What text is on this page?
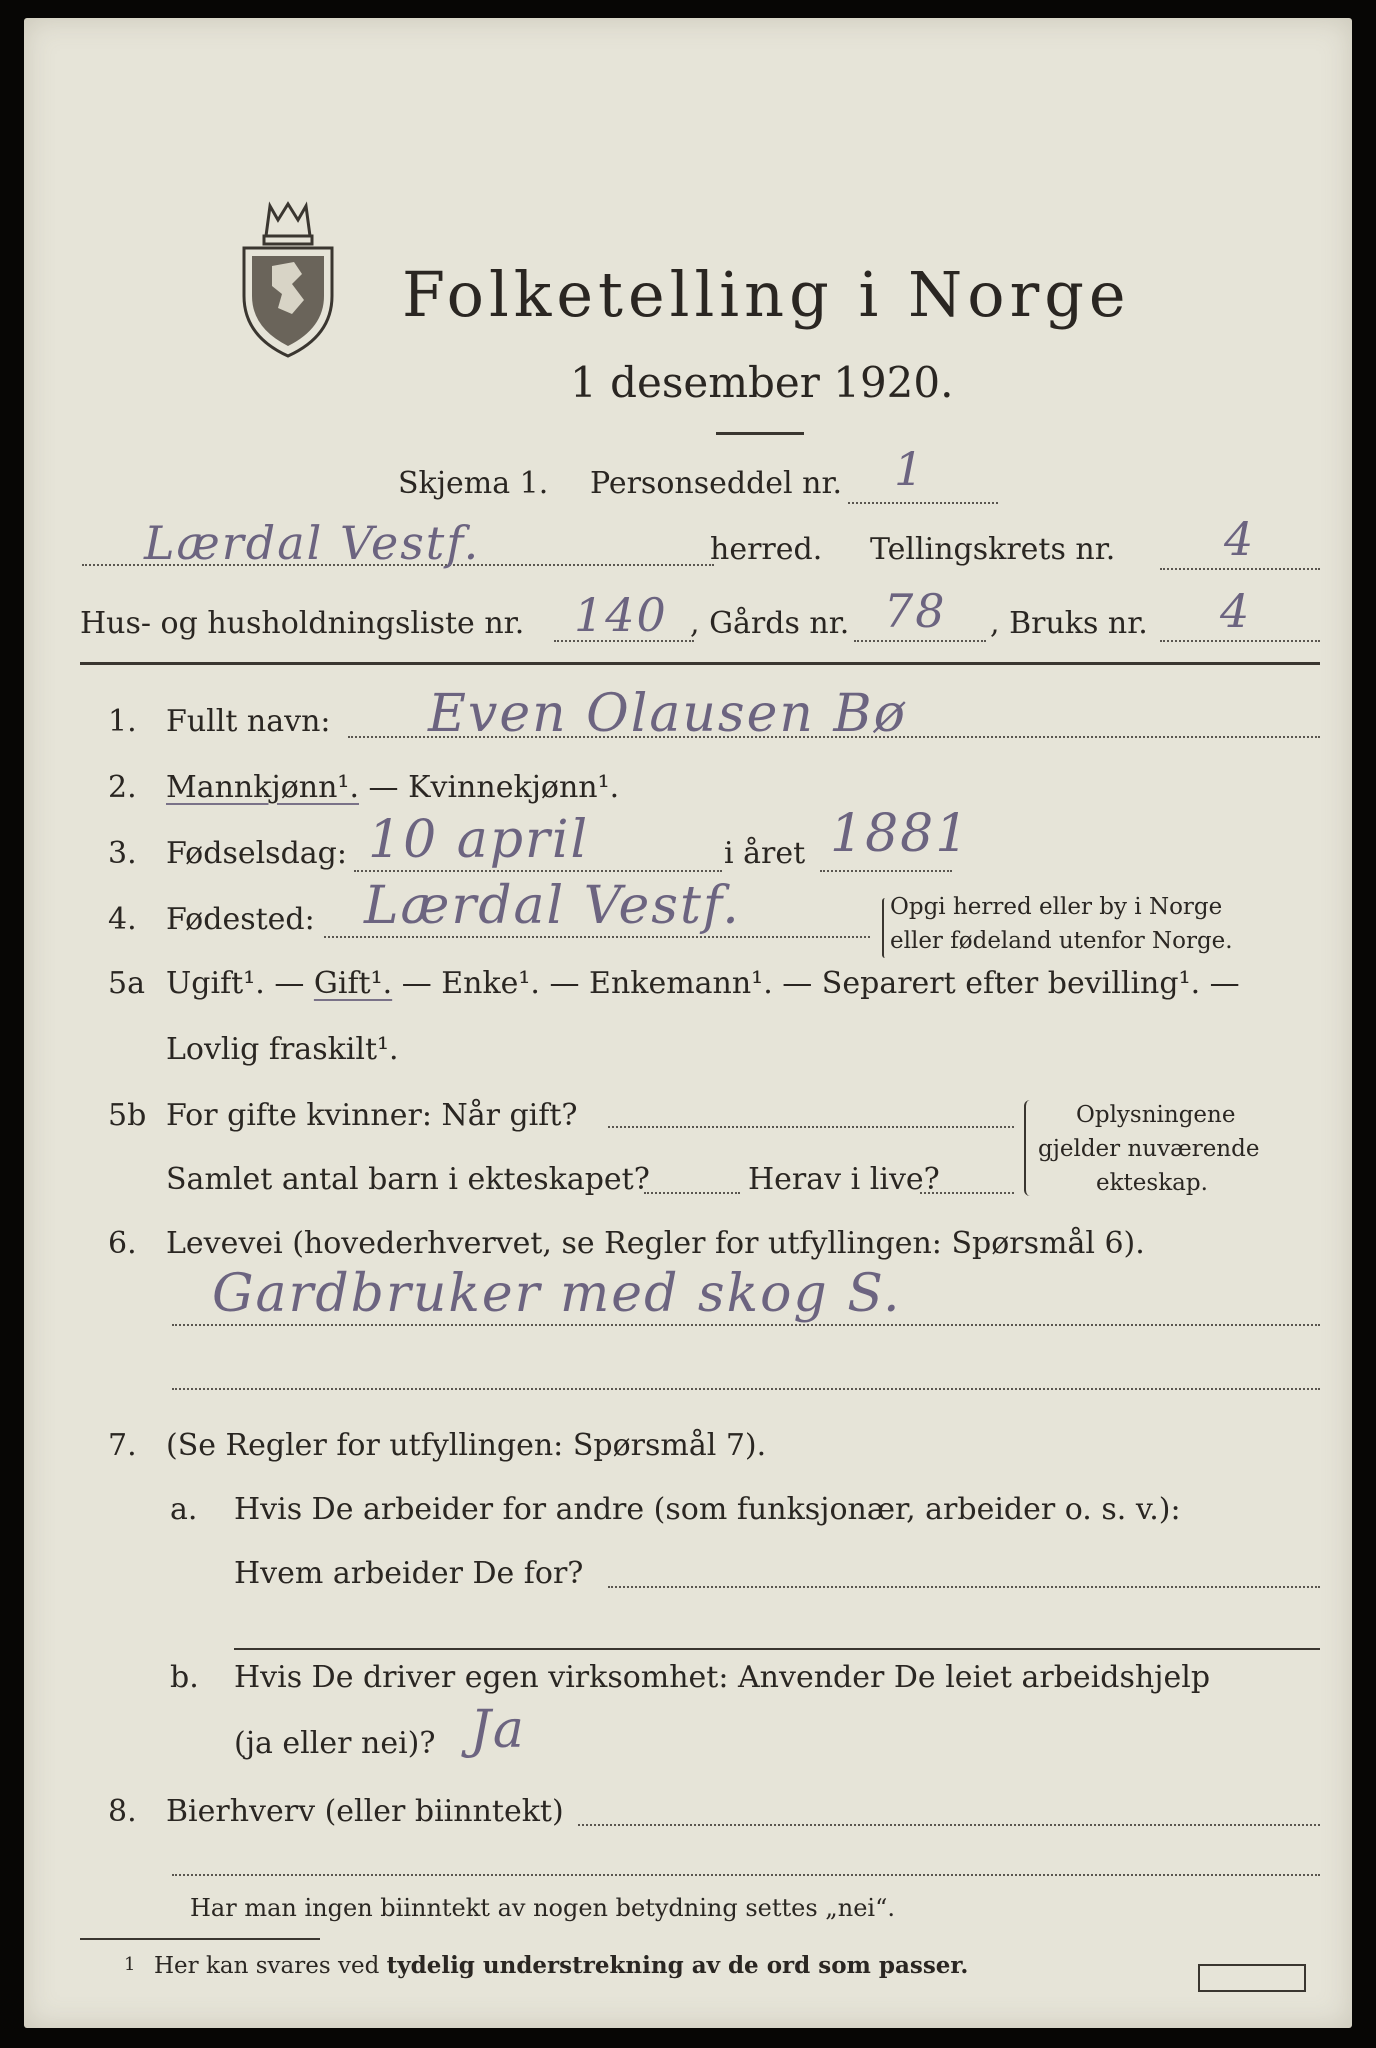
Folketelling i Norge
1 desember 1920.
Skjema 1. Personseddel nr. 1
Lærdal Vestf.	herred. Tellingskrets nr. 4
Hus- og husholdningsliste nr. 140 , Gårds nr. 78 , Bruks nr. 4
1. Fullt navn: Even Olausen Bø
2. Mannkjønn¹. — Kvinnekjønn¹.
3. Fødselsdag: 10 april	i året 1881
4. Fødested: Lærdal Vestf.	Opgi herred eller by i Norge
eller fødeland utenfor Norge.
5a Ugift¹. — Gift¹. — Enke¹. — Enkemann¹. — Separert efter bevilling¹. —
Lovlig fraskilt¹.
5b For gifte kvinner: Når gift?
Samlet antal barn i ekteskapet?	Herav i live?
Oplysningene
gjelder nuværende
ekteskap.
6. Levevei (hovederhvervet, se Regler for utfyllingen: Spørsmål 6).
Gardbruker med skog S.
7. (Se Regler for utfyllingen: Spørsmål 7).
a. Hvis De arbeider for andre (som funksjonær, arbeider o. s. v.):
Hvem arbeider De for?
b. Hvis De driver egen virksomhet: Anvender De leiet arbeidshjelp
(ja eller nei)? Ja
8. Bierhverv (eller biinntekt)
Har man ingen biinntekt av nogen betydning settes „nei“.
1 Her kan svares ved tydelig understrekning av de ord som passer.
